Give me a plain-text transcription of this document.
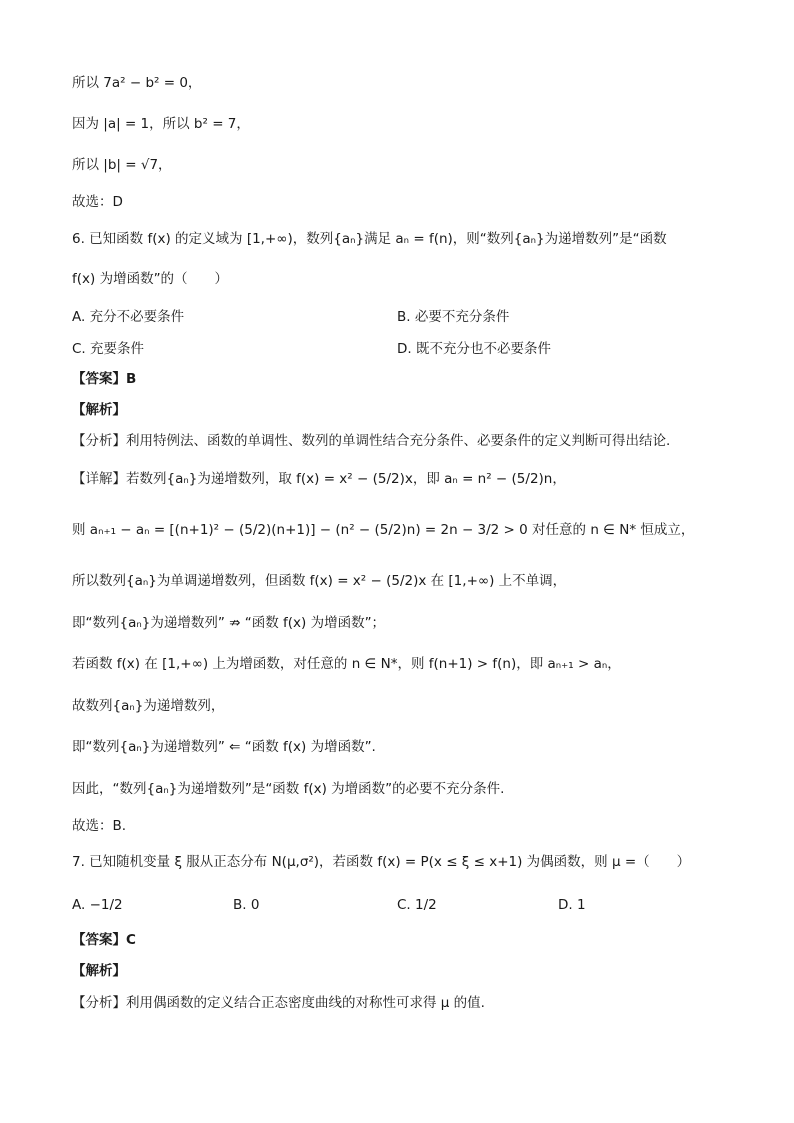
所以 7a² − b² = 0，
因为 |a| = 1，所以 b² = 7，
所以 |b| = √7，
故选：D
6. 已知函数 f(x) 的定义域为 [1,+∞)，数列{aₙ}满足 aₙ = f(n)，则“数列{aₙ}为递增数列”是“函数
f(x) 为增函数”的（　　）
A. 充分不必要条件	B. 必要不充分条件
C. 充要条件	D. 既不充分也不必要条件
【答案】B
【解析】
【分析】利用特例法、函数的单调性、数列的单调性结合充分条件、必要条件的定义判断可得出结论.
【详解】若数列{aₙ}为递增数列，取 f(x) = x² − (5/2)x，即 aₙ = n² − (5/2)n，
则 aₙ₊₁ − aₙ = [(n+1)² − (5/2)(n+1)] − (n² − (5/2)n) = 2n − 3/2 > 0 对任意的 n ∈ N* 恒成立，
所以数列{aₙ}为单调递增数列，但函数 f(x) = x² − (5/2)x 在 [1,+∞) 上不单调，
即“数列{aₙ}为递增数列” ⇏ “函数 f(x) 为增函数”；
若函数 f(x) 在 [1,+∞) 上为增函数，对任意的 n ∈ N*，则 f(n+1) > f(n)，即 aₙ₊₁ > aₙ，
故数列{aₙ}为递增数列，
即“数列{aₙ}为递增数列” ⇐ “函数 f(x) 为增函数”.
因此，“数列{aₙ}为递增数列”是“函数 f(x) 为增函数”的必要不充分条件.
故选：B.
7. 已知随机变量 ξ 服从正态分布 N(μ,σ²)，若函数 f(x) = P(x ≤ ξ ≤ x+1) 为偶函数，则 μ =（　　）
A. −1/2	B. 0	C. 1/2	D. 1
【答案】C
【解析】
【分析】利用偶函数的定义结合正态密度曲线的对称性可求得 μ 的值.
